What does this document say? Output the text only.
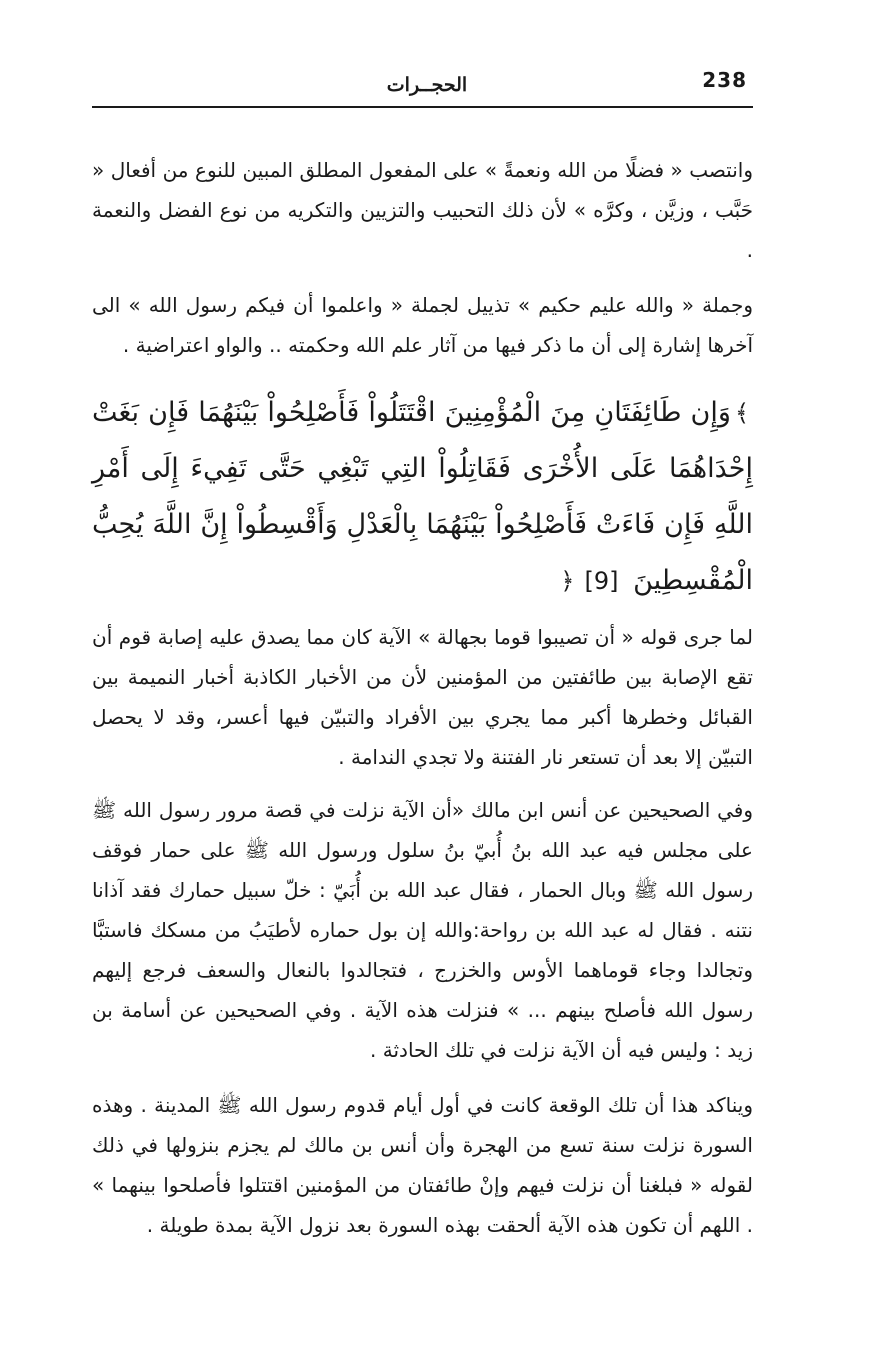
238
الحجــرات

وانتصب « فضلًا من الله ونعمةً » على المفعول المطلق المبين للنوع من أفعال « حَبَّب ، وزيَّن ، وكرَّه » لأن ذلك التحبيب والتزيين والتكريه من نوع الفضل والنعمة .

وجملة « والله عليم حكيم » تذييل لجملة « واعلموا أن فيكم رسول الله » الى آخرها إشارة إلى أن ما ذكر فيها من آثار علم الله وحكمته .. والواو اعتراضية .

﴾وَإِن طَائِفَتَانِ مِنَ الْمُؤْمِنِينَ اقْتَتَلُواْ فَأَصْلِحُواْ بَيْنَهُمَا فَإِن بَغَتْ إِحْدَاهُمَا عَلَى الأُخْرَى فَقَاتِلُواْ التِي تَبْغِي حَتَّى تَفِيءَ إِلَى أَمْرِ اللَّهِ فَإِن فَاءَتْ فَأَصْلِحُواْ بَيْنَهُمَا بِالْعَدْلِ وَأَقْسِطُواْ إِنَّ اللَّهَ يُحِبُّ الْمُقْسِطِينَ [9]﴿

لما جرى قوله « أن تصيبوا قوما بجهالة » الآية كان مما يصدق عليه إصابة قوم أن تقع الإصابة بين طائفتين من المؤمنين لأن من الأخبار الكاذبة أخبار النميمة بين القبائل وخطرها أكبر مما يجري بين الأفراد والتبيّن فيها أعسر، وقد لا يحصل التبيّن إلا بعد أن تستعر نار الفتنة ولا تجدي الندامة .

وفي الصحيحين عن أنس ابن مالك «أن الآية نزلت في قصة مرور رسول الله ﷺ على مجلس فيه عبد الله بنُ أُبيّ بنُ سلول ورسول الله ﷺ على حمار فوقف رسول الله ﷺ وبال الحمار ، فقال عبد الله بن أُبَيّ : خلّ سبيل حمارك فقد آذانا نتنه . فقال له عبد الله بن رواحة:والله إن بول حماره لأطيَبُ من مسكك فاستبَّا وتجالدا وجاء قوماهما الأوس والخزرج ، فتجالدوا بالنعال والسعف فرجع إليهم رسول الله فأصلح بينهم ... » فنزلت هذه الآية . وفي الصحيحين عن أسامة بن زيد : وليس فيه أن الآية نزلت في تلك الحادثة .

ويناكد هذا أن تلك الوقعة كانت في أول أيام قدوم رسول الله ﷺ المدينة . وهذه السورة نزلت سنة تسع من الهجرة وأن أنس بن مالك لم يجزم بنزولها في ذلك لقوله « فبلغنا أن نزلت فيهم وإنْ طائفتان من المؤمنين اقتتلوا فأصلحوا بينهما » . اللهم أن تكون هذه الآية ألحقت بهذه السورة بعد نزول الآية بمدة طويلة .
